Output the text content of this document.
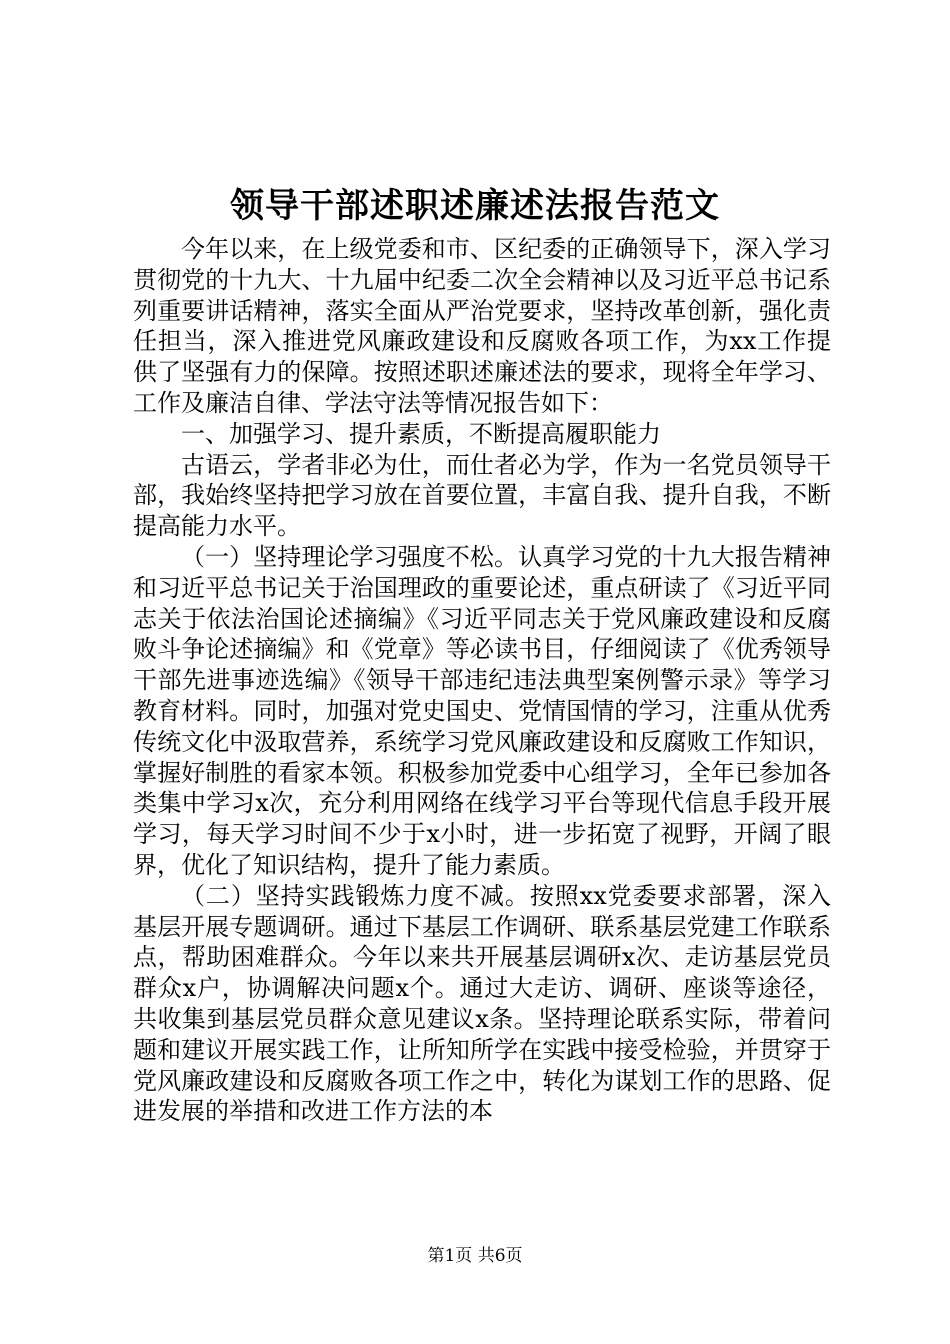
领导干部述职述廉述法报告范文

今年以来，在上级党委和市、区纪委的正确领导下，深入学习贯彻党的十九大、十九届中纪委二次全会精神以及习近平总书记系列重要讲话精神，落实全面从严治党要求，坚持改革创新，强化责任担当，深入推进党风廉政建设和反腐败各项工作，为xx工作提供了坚强有力的保障。按照述职述廉述法的要求，现将全年学习、工作及廉洁自律、学法守法等情况报告如下：

一、加强学习、提升素质，不断提高履职能力

古语云，学者非必为仕，而仕者必为学，作为一名党员领导干部，我始终坚持把学习放在首要位置，丰富自我、提升自我，不断提高能力水平。

（一）坚持理论学习强度不松。认真学习党的十九大报告精神和习近平总书记关于治国理政的重要论述，重点研读了《习近平同志关于依法治国论述摘编》《习近平同志关于党风廉政建设和反腐败斗争论述摘编》和《党章》等必读书目，仔细阅读了《优秀领导干部先进事迹选编》《领导干部违纪违法典型案例警示录》等学习教育材料。同时，加强对党史国史、党情国情的学习，注重从优秀传统文化中汲取营养，系统学习党风廉政建设和反腐败工作知识，掌握好制胜的看家本领。积极参加党委中心组学习，全年已参加各类集中学习x次，充分利用网络在线学习平台等现代信息手段开展学习，每天学习时间不少于x小时，进一步拓宽了视野，开阔了眼界，优化了知识结构，提升了能力素质。

（二）坚持实践锻炼力度不减。按照xx党委要求部署，深入基层开展专题调研。通过下基层工作调研、联系基层党建工作联系点，帮助困难群众。今年以来共开展基层调研x次、走访基层党员群众x户，协调解决问题x个。通过大走访、调研、座谈等途径，共收集到基层党员群众意见建议x条。坚持理论联系实际，带着问题和建议开展实践工作，让所知所学在实践中接受检验，并贯穿于党风廉政建设和反腐败各项工作之中，转化为谋划工作的思路、促进发展的举措和改进工作方法的本

第1页 共6页
